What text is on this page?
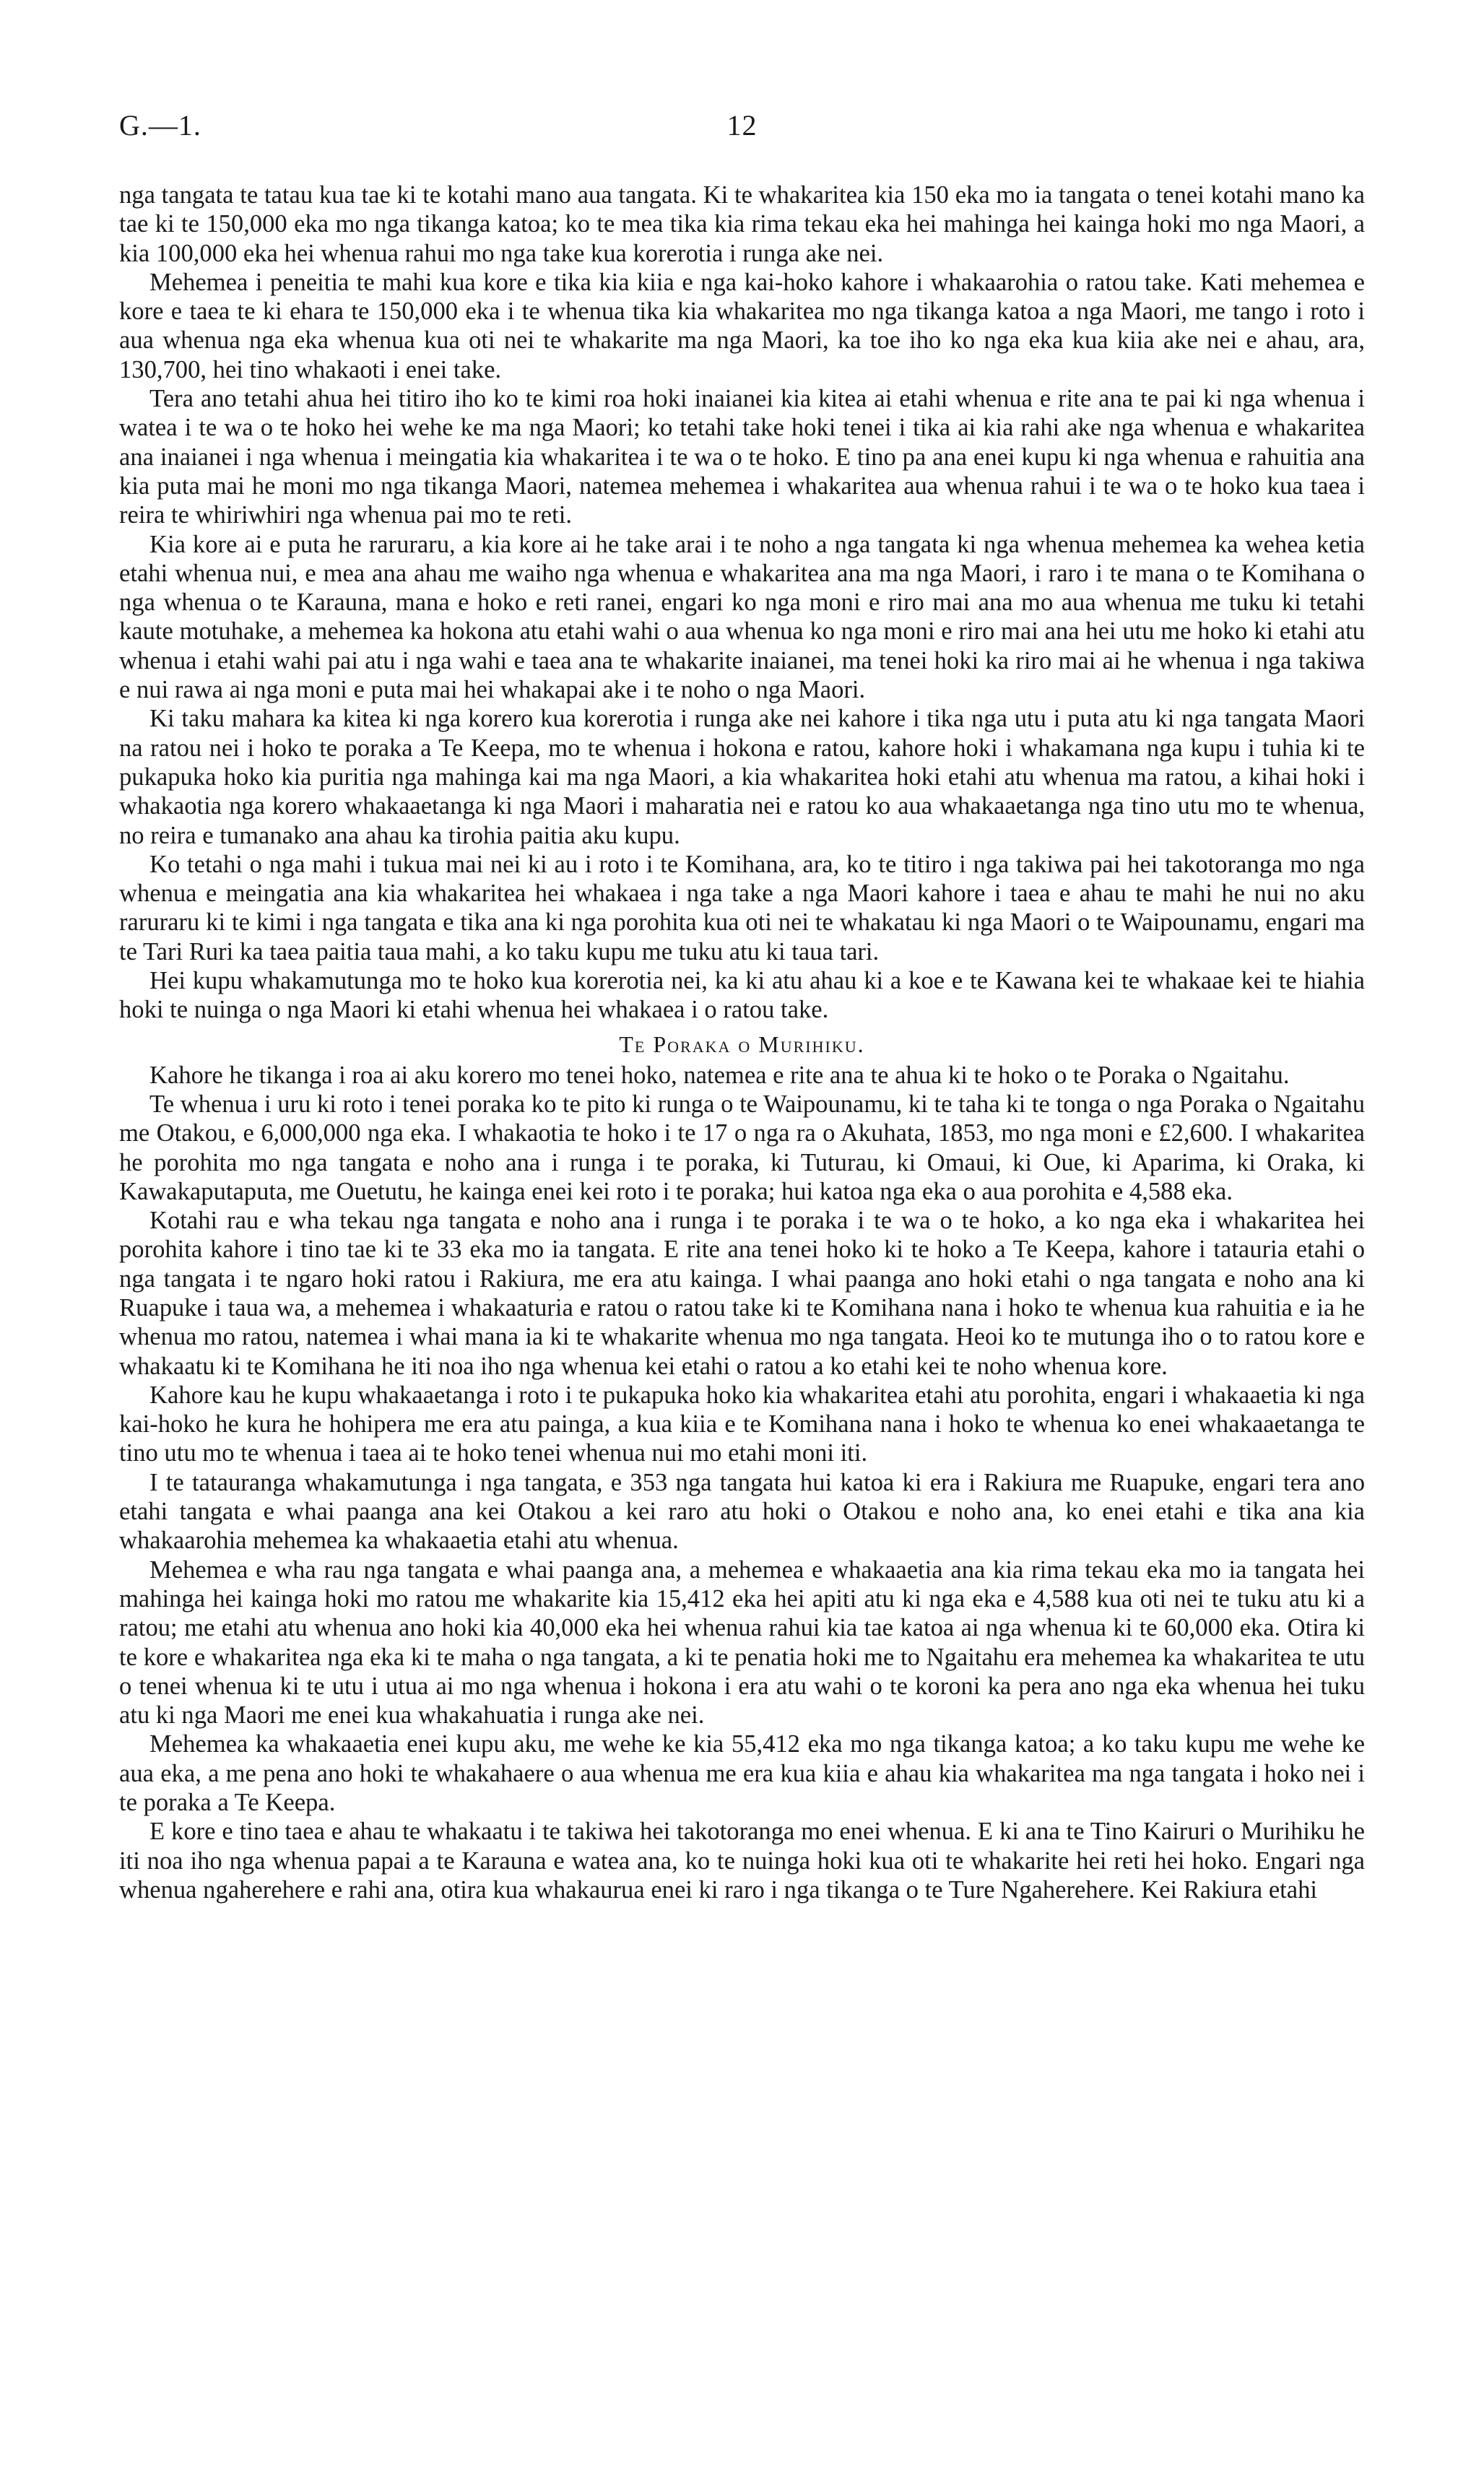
G.—1.	12

nga tangata te tatau kua tae ki te kotahi mano aua tangata. Ki te whakaritea kia 150 eka mo ia tangata o tenei kotahi mano ka tae ki te 150,000 eka mo nga tikanga katoa; ko te mea tika kia rima tekau eka hei mahinga hei kainga hoki mo nga Maori, a kia 100,000 eka hei whenua rahui mo nga take kua korerotia i runga ake nei.

Mehemea i peneitia te mahi kua kore e tika kia kiia e nga kai-hoko kahore i whakaarohia o ratou take. Kati mehemea e kore e taea te ki ehara te 150,000 eka i te whenua tika kia whakaritea mo nga tikanga katoa a nga Maori, me tango i roto i aua whenua nga eka whenua kua oti nei te whakarite ma nga Maori, ka toe iho ko nga eka kua kiia ake nei e ahau, ara, 130,700, hei tino whakaoti i enei take.

Tera ano tetahi ahua hei titiro iho ko te kimi roa hoki inaianei kia kitea ai etahi whenua e rite ana te pai ki nga whenua i watea i te wa o te hoko hei wehe ke ma nga Maori; ko tetahi take hoki tenei i tika ai kia rahi ake nga whenua e whakaritea ana inaianei i nga whenua i meingatia kia whakaritea i te wa o te hoko. E tino pa ana enei kupu ki nga whenua e rahuitia ana kia puta mai he moni mo nga tikanga Maori, natemea mehemea i whakaritea aua whenua rahui i te wa o te hoko kua taea i reira te whiriwhiri nga whenua pai mo te reti.

Kia kore ai e puta he raruraru, a kia kore ai he take arai i te noho a nga tangata ki nga whenua mehemea ka wehea ketia etahi whenua nui, e mea ana ahau me waiho nga whenua e whakaritea ana ma nga Maori, i raro i te mana o te Komihana o nga whenua o te Karauna, mana e hoko e reti ranei, engari ko nga moni e riro mai ana mo aua whenua me tuku ki tetahi kaute motuhake, a mehemea ka hokona atu etahi wahi o aua whenua ko nga moni e riro mai ana hei utu me hoko ki etahi atu whenua i etahi wahi pai atu i nga wahi e taea ana te whakarite inaianei, ma tenei hoki ka riro mai ai he whenua i nga takiwa e nui rawa ai nga moni e puta mai hei whakapai ake i te noho o nga Maori.

Ki taku mahara ka kitea ki nga korero kua korerotia i runga ake nei kahore i tika nga utu i puta atu ki nga tangata Maori na ratou nei i hoko te poraka a Te Keepa, mo te whenua i hokona e ratou, kahore hoki i whakamana nga kupu i tuhia ki te pukapuka hoko kia puritia nga mahinga kai ma nga Maori, a kia whakaritea hoki etahi atu whenua ma ratou, a kihai hoki i whakaotia nga korero whakaaetanga ki nga Maori i maharatia nei e ratou ko aua whakaaetanga nga tino utu mo te whenua, no reira e tumanako ana ahau ka tirohia paitia aku kupu.

Ko tetahi o nga mahi i tukua mai nei ki au i roto i te Komihana, ara, ko te titiro i nga takiwa pai hei takotoranga mo nga whenua e meingatia ana kia whakaritea hei whakaea i nga take a nga Maori kahore i taea e ahau te mahi he nui no aku raruraru ki te kimi i nga tangata e tika ana ki nga porohita kua oti nei te whakatau ki nga Maori o te Waipounamu, engari ma te Tari Ruri ka taea paitia taua mahi, a ko taku kupu me tuku atu ki taua tari.

Hei kupu whakamutunga mo te hoko kua korerotia nei, ka ki atu ahau ki a koe e te Kawana kei te whakaae kei te hiahia hoki te nuinga o nga Maori ki etahi whenua hei whakaea i o ratou take.

Te Poraka o Murihiku.

Kahore he tikanga i roa ai aku korero mo tenei hoko, natemea e rite ana te ahua ki te hoko o te Poraka o Ngaitahu.

Te whenua i uru ki roto i tenei poraka ko te pito ki runga o te Waipounamu, ki te taha ki te tonga o nga Poraka o Ngaitahu me Otakou, e 6,000,000 nga eka. I whakaotia te hoko i te 17 o nga ra o Akuhata, 1853, mo nga moni e £2,600. I whakaritea he porohita mo nga tangata e noho ana i runga i te poraka, ki Tuturau, ki Omaui, ki Oue, ki Aparima, ki Oraka, ki Kawakaputaputa, me Ouetutu, he kainga enei kei roto i te poraka; hui katoa nga eka o aua porohita e 4,588 eka.

Kotahi rau e wha tekau nga tangata e noho ana i runga i te poraka i te wa o te hoko, a ko nga eka i whakaritea hei porohita kahore i tino tae ki te 33 eka mo ia tangata. E rite ana tenei hoko ki te hoko a Te Keepa, kahore i tatauria etahi o nga tangata i te ngaro hoki ratou i Rakiura, me era atu kainga. I whai paanga ano hoki etahi o nga tangata e noho ana ki Ruapuke i taua wa, a mehemea i whakaaturia e ratou o ratou take ki te Komihana nana i hoko te whenua kua rahuitia e ia he whenua mo ratou, natemea i whai mana ia ki te whakarite whenua mo nga tangata. Heoi ko te mutunga iho o to ratou kore e whakaatu ki te Komihana he iti noa iho nga whenua kei etahi o ratou a ko etahi kei te noho whenua kore.

Kahore kau he kupu whakaaetanga i roto i te pukapuka hoko kia whakaritea etahi atu porohita, engari i whakaaetia ki nga kai-hoko he kura he hohipera me era atu painga, a kua kiia e te Komihana nana i hoko te whenua ko enei whakaaetanga te tino utu mo te whenua i taea ai te hoko tenei whenua nui mo etahi moni iti.

I te tatauranga whakamutunga i nga tangata, e 353 nga tangata hui katoa ki era i Rakiura me Ruapuke, engari tera ano etahi tangata e whai paanga ana kei Otakou a kei raro atu hoki o Otakou e noho ana, ko enei etahi e tika ana kia whakaarohia mehemea ka whakaaetia etahi atu whenua.

Mehemea e wha rau nga tangata e whai paanga ana, a mehemea e whakaaetia ana kia rima tekau eka mo ia tangata hei mahinga hei kainga hoki mo ratou me whakarite kia 15,412 eka hei apiti atu ki nga eka e 4,588 kua oti nei te tuku atu ki a ratou; me etahi atu whenua ano hoki kia 40,000 eka hei whenua rahui kia tae katoa ai nga whenua ki te 60,000 eka. Otira ki te kore e whakaritea nga eka ki te maha o nga tangata, a ki te penatia hoki me to Ngaitahu era mehemea ka whakaritea te utu o tenei whenua ki te utu i utua ai mo nga whenua i hokona i era atu wahi o te koroni ka pera ano nga eka whenua hei tuku atu ki nga Maori me enei kua whakahuatia i runga ake nei.

Mehemea ka whakaaetia enei kupu aku, me wehe ke kia 55,412 eka mo nga tikanga katoa; a ko taku kupu me wehe ke aua eka, a me pena ano hoki te whakahaere o aua whenua me era kua kiia e ahau kia whakaritea ma nga tangata i hoko nei i te poraka a Te Keepa.

E kore e tino taea e ahau te whakaatu i te takiwa hei takotoranga mo enei whenua. E ki ana te Tino Kairuri o Murihiku he iti noa iho nga whenua papai a te Karauna e watea ana, ko te nuinga hoki kua oti te whakarite hei reti hei hoko. Engari nga whenua ngaherehere e rahi ana, otira kua whakaurua enei ki raro i nga tikanga o te Ture Ngaherehere. Kei Rakiura etahi
